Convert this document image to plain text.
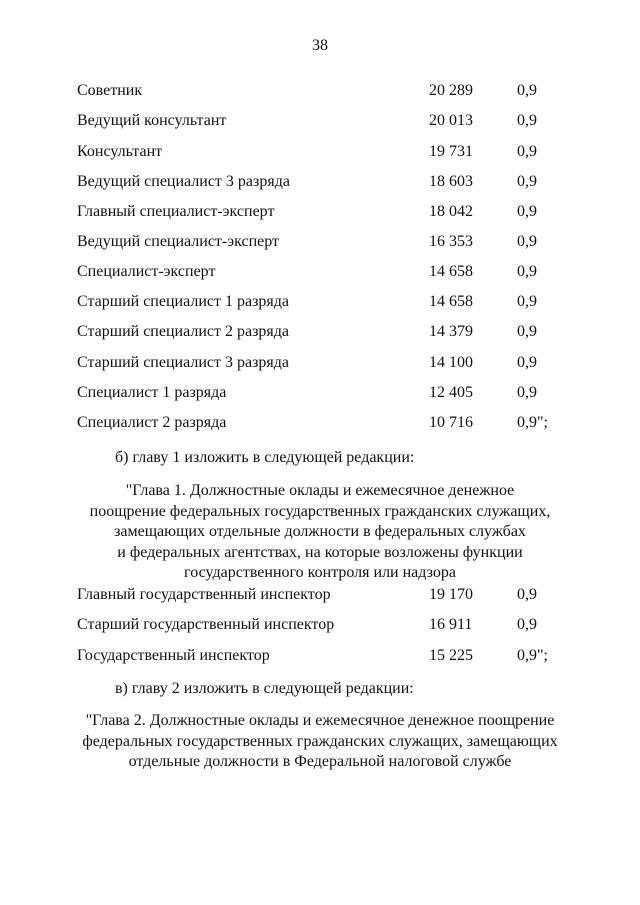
38
Советник	20 289	0,9
Ведущий консультант	20 013	0,9
Консультант	19 731	0,9
Ведущий специалист 3 разряда	18 603	0,9
Главный специалист-эксперт	18 042	0,9
Ведущий специалист-эксперт	16 353	0,9
Специалист-эксперт	14 658	0,9
Старший специалист 1 разряда	14 658	0,9
Старший специалист 2 разряда	14 379	0,9
Старший специалист 3 разряда	14 100	0,9
Специалист 1 разряда	12 405	0,9
Специалист 2 разряда	10 716	0,9";
б) главу 1 изложить в следующей редакции:
"Глава 1. Должностные оклады и ежемесячное денежное
поощрение федеральных государственных гражданских служащих,
замещающих отдельные должности в федеральных службах
и федеральных агентствах, на которые возложены функции
государственного контроля или надзора
Главный государственный инспектор	19 170	0,9
Старший государственный инспектор	16 911	0,9
Государственный инспектор	15 225	0,9";
в) главу 2 изложить в следующей редакции:
"Глава 2. Должностные оклады и ежемесячное денежное поощрение
федеральных государственных гражданских служащих, замещающих
отдельные должности в Федеральной налоговой службе
